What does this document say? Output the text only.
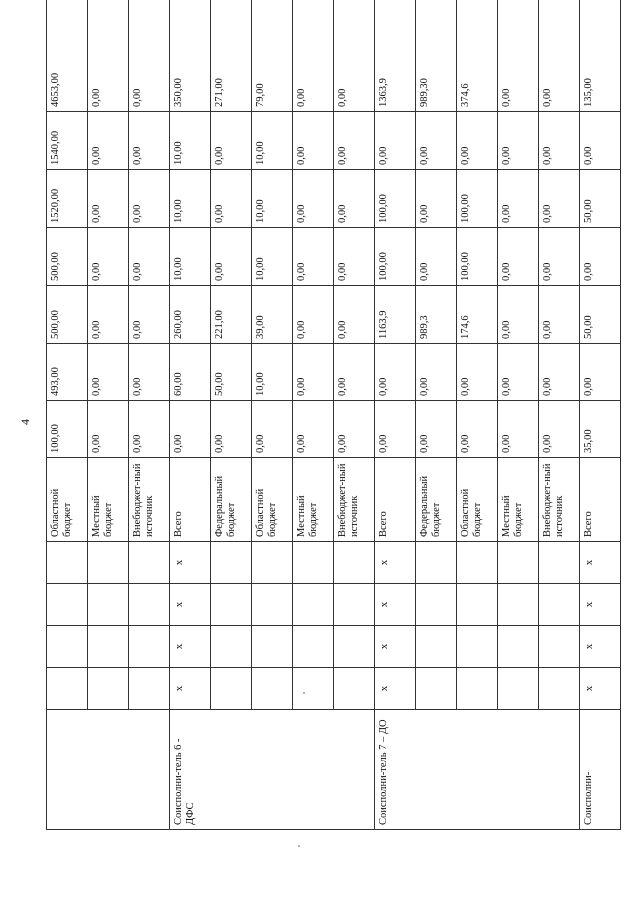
4
					Областной бюджет	100,00	493,00	500,00	500,00	1520,00	1540,00	4653,00
					Местный бюджет	0,00	0,00	0,00	0,00	0,00	0,00	0,00
					Внебюджет-ный источник	0,00	0,00	0,00	0,00	0,00	0,00	0,00
Соисполни-тель 6 - ДФС	x	x	x	x	Всего	0,00	60,00	260,00	10,00	10,00	10,00	350,00
					Федеральный бюджет	0,00	50,00	221,00	0,00	0,00	0,00	271,00
					Областной бюджет	0,00	10,00	39,00	10,00	10,00	10,00	79,00
					Местный бюджет	0,00	0,00	0,00	0,00	0,00	0,00	0,00
					Внебюджет-ный источник	0,00	0,00	0,00	0,00	0,00	0,00	0,00
Соисполни-тель 7 – ДО	x	x	x	x	Всего	0,00	0,00	1163,9	100,00	100,00	0,00	1363,9
					Федеральный бюджет	0,00	0,00	989,3	0,00	0,00	0,00	989,30
					Областной бюджет	0,00	0,00	174,6	100,00	100,00	0,00	374,6
					Местный бюджет	0,00	0,00	0,00	0,00	0,00	0,00	0,00
					Внебюджет-ный источник	0,00	0,00	0,00	0,00	0,00	0,00	0,00
Соисполни-	x	x	x	x	Всего	35,00	0,00	50,00	0,00	50,00	0,00	135,00
